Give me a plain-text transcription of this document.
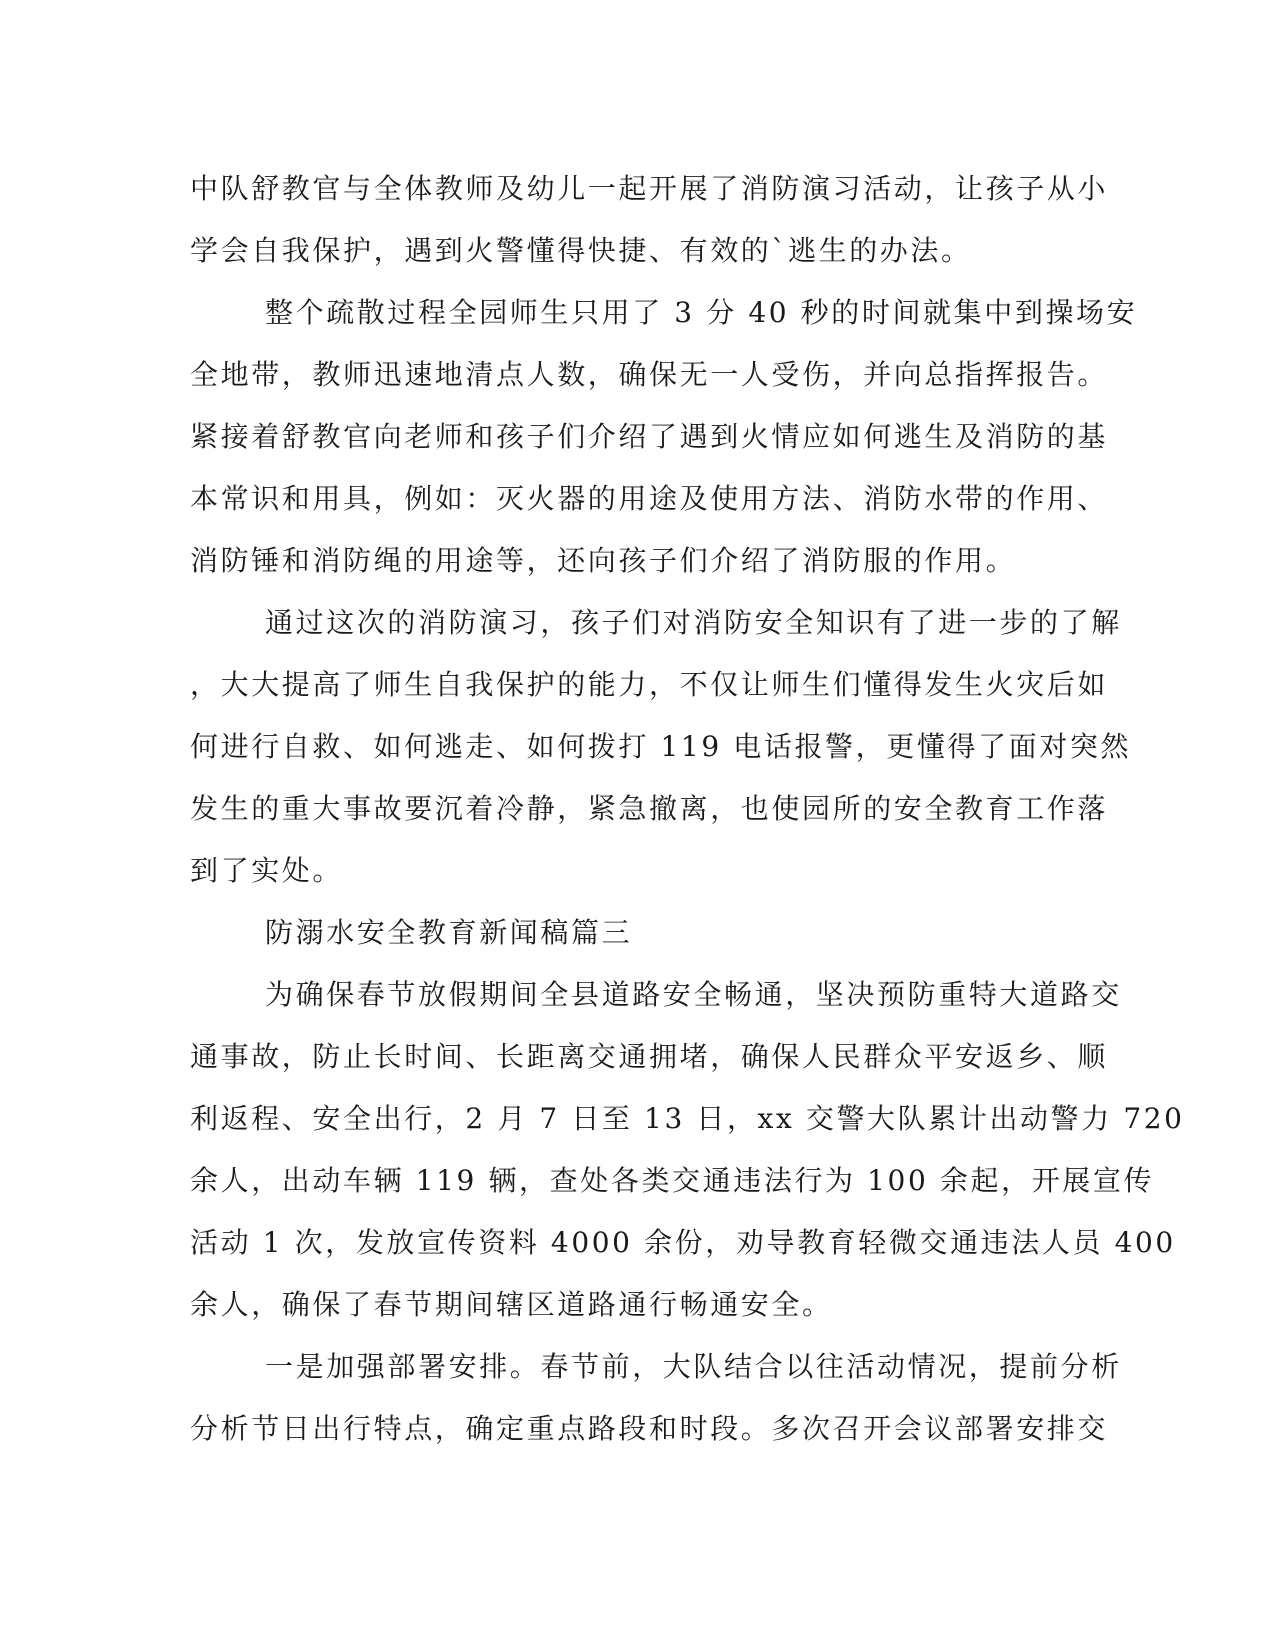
中队舒教官与全体教师及幼儿一起开展了消防演习活动，让孩子从小
学会自我保护，遇到火警懂得快捷、有效的`逃生的办法。
整个疏散过程全园师生只用了 3 分 40 秒的时间就集中到操场安
全地带，教师迅速地清点人数，确保无一人受伤，并向总指挥报告。
紧接着舒教官向老师和孩子们介绍了遇到火情应如何逃生及消防的基
本常识和用具，例如：灭火器的用途及使用方法、消防水带的作用、
消防锤和消防绳的用途等，还向孩子们介绍了消防服的作用。
通过这次的消防演习，孩子们对消防安全知识有了进一步的了解
，大大提高了师生自我保护的能力，不仅让师生们懂得发生火灾后如
何进行自救、如何逃走、如何拨打 119 电话报警，更懂得了面对突然
发生的重大事故要沉着冷静，紧急撤离，也使园所的安全教育工作落
到了实处。
防溺水安全教育新闻稿篇三
为确保春节放假期间全县道路安全畅通，坚决预防重特大道路交
通事故，防止长时间、长距离交通拥堵，确保人民群众平安返乡、顺
利返程、安全出行，2 月 7 日至 13 日，xx 交警大队累计出动警力 720
余人，出动车辆 119 辆，查处各类交通违法行为 100 余起，开展宣传
活动 1 次，发放宣传资料 4000 余份，劝导教育轻微交通违法人员 400
余人，确保了春节期间辖区道路通行畅通安全。
一是加强部署安排。春节前，大队结合以往活动情况，提前分析
分析节日出行特点，确定重点路段和时段。多次召开会议部署安排交
